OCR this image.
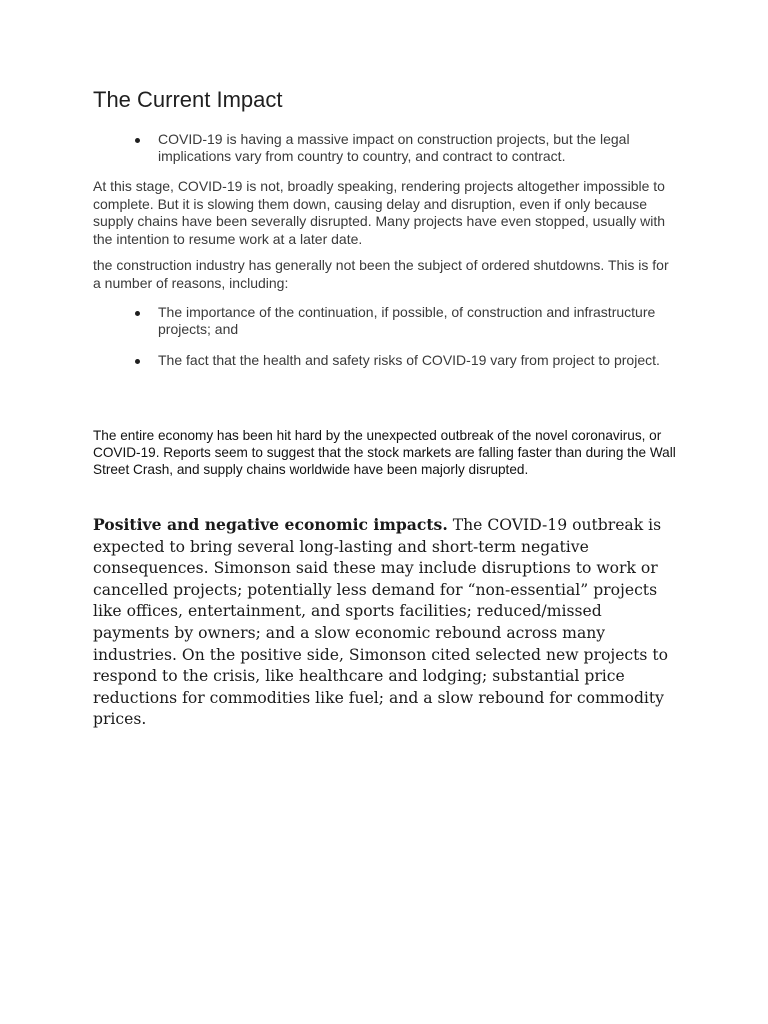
The Current Impact
COVID-19 is having a massive impact on construction projects, but the legal implications vary from country to country, and contract to contract.

At this stage, COVID-19 is not, broadly speaking, rendering projects altogether impossible to complete. But it is slowing them down, causing delay and disruption, even if only because supply chains have been severally disrupted. Many projects have even stopped, usually with the intention to resume work at a later date.

the construction industry has generally not been the subject of ordered shutdowns. This is for a number of reasons, including:

The importance of the continuation, if possible, of construction and infrastructure projects; and
The fact that the health and safety risks of COVID-19 vary from project to project.

The entire economy has been hit hard by the unexpected outbreak of the novel coronavirus, or COVID-19. Reports seem to suggest that the stock markets are falling faster than during the Wall Street Crash, and supply chains worldwide have been majorly disrupted.

Positive and negative economic impacts. The COVID-19 outbreak is expected to bring several long-lasting and short-term negative consequences. Simonson said these may include disruptions to work or cancelled projects; potentially less demand for “non-essential” projects like offices, entertainment, and sports facilities; reduced/missed payments by owners; and a slow economic rebound across many industries. On the positive side, Simonson cited selected new projects to respond to the crisis, like healthcare and lodging; substantial price reductions for commodities like fuel; and a slow rebound for commodity prices.
